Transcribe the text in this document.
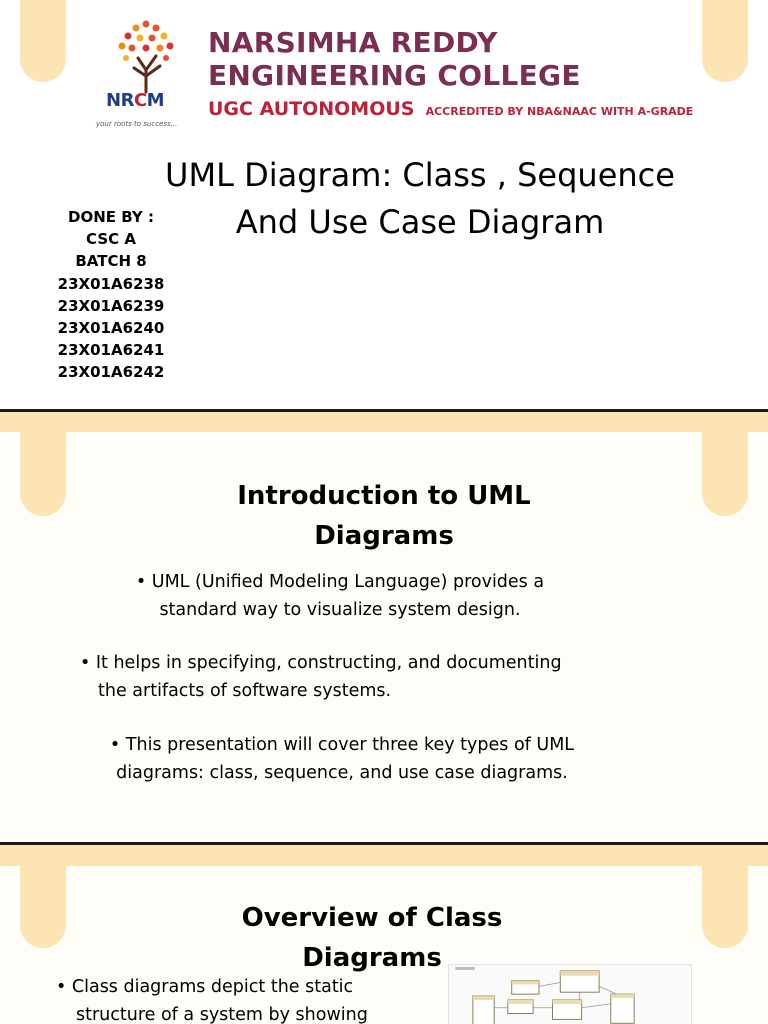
NRCM
your roots to success...
NARSIMHA REDDY
ENGINEERING COLLEGE
UGC AUTONOMOUS ACCREDITED BY NBA&NAAC WITH A-GRADE
UML Diagram: Class , Sequence
And Use Case Diagram
DONE BY :
CSC A
BATCH 8
23X01A6238
23X01A6239
23X01A6240
23X01A6241
23X01A6242
Introduction to UML
Diagrams
• UML (Unified Modeling Language) provides a standard way to visualize system design.
• It helps in specifying, constructing, and documenting the artifacts of software systems.
• This presentation will cover three key types of UML diagrams: class, sequence, and use case diagrams.
Overview of Class
Diagrams
• Class diagrams depict the static structure of a system by showing
